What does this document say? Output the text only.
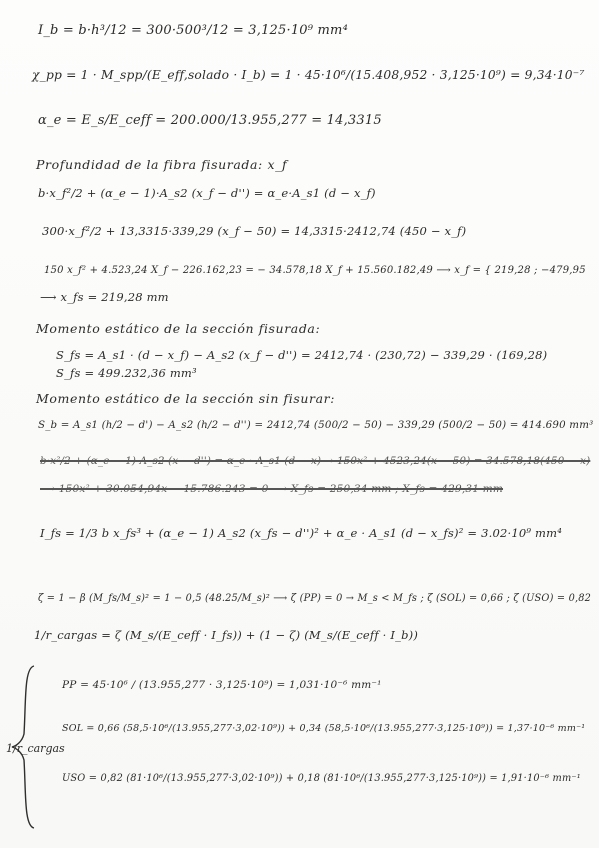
I_b = b·h³/12 = 300·500³/12 = 3,125·10⁹ mm⁴
χ_pp = 1 · M_spp/(E_eff,solado · I_b) = 1 · 45·10⁶/(15.408,952 · 3,125·10⁹) = 9,34·10⁻⁷
α_e = E_s/E_ceff = 200.000/13.955,277 = 14,3315
Profundidad de la fibra fisurada: x_f
b·x_f²/2 + (α_e − 1)·A_s2 (x_f − d'') = α_e·A_s1 (d − x_f)
300·x_f²/2 + 13,3315·339,29 (x_f − 50) = 14,3315·2412,74 (450 − x_f)
150 x_f² + 4.523,24 X_f − 226.162,23 = − 34.578,18 X_f + 15.560.182,49 ⟶ x_f = { 219,28 ; −479,95
⟶ x_fs = 219,28 mm
Momento estático de la sección fisurada:
S_fs = A_s1 · (d − x_f) − A_s2 (x_f − d'') = 2412,74 · (230,72) − 339,29 · (169,28)
S_fs = 499.232,36 mm³
Momento estático de la sección sin fisurar:
S_b = A_s1 (h/2 − d') − A_s2 (h/2 − d'') = 2412,74 (500/2 − 50) − 339,29 (500/2 − 50) = 414.690 mm³
b·x²/2 + (α_e − 1) A_s2 (x − d'') = α_e · A_s1 (d − x) → 150x² + 4523,24(x − 50) = 34.578,18(450 − x)
⟶ 150x² + 30.054,94x − 15.786.243 = 0 ⟶ X_fs = 250,34 mm ; X_fs = 429,31 mm
I_fs = 1/3 b x_fs³ + (α_e − 1) A_s2 (x_fs − d'')² + α_e · A_s1 (d − x_fs)² = 3.02·10⁹ mm⁴
ζ = 1 − β (M_fs/M_s)² = 1 − 0,5 (48.25/M_s)² ⟶ ζ (PP) = 0 → M_s < M_fs ; ζ (SOL) = 0,66 ; ζ (USO) = 0,82
1/r_cargas = ζ (M_s/(E_ceff · I_fs)) + (1 − ζ) (M_s/(E_ceff · I_b))
1/r_cargas
PP = 45·10⁶ / (13.955,277 · 3,125·10⁹) = 1,031·10⁻⁶ mm⁻¹
SOL = 0,66 (58,5·10⁶/(13.955,277·3,02·10⁹)) + 0,34 (58,5·10⁶/(13.955,277·3,125·10⁹)) = 1,37·10⁻⁶ mm⁻¹
USO = 0,82 (81·10⁶/(13.955,277·3,02·10⁹)) + 0,18 (81·10⁶/(13.955,277·3,125·10⁹)) = 1,91·10⁻⁶ mm⁻¹
